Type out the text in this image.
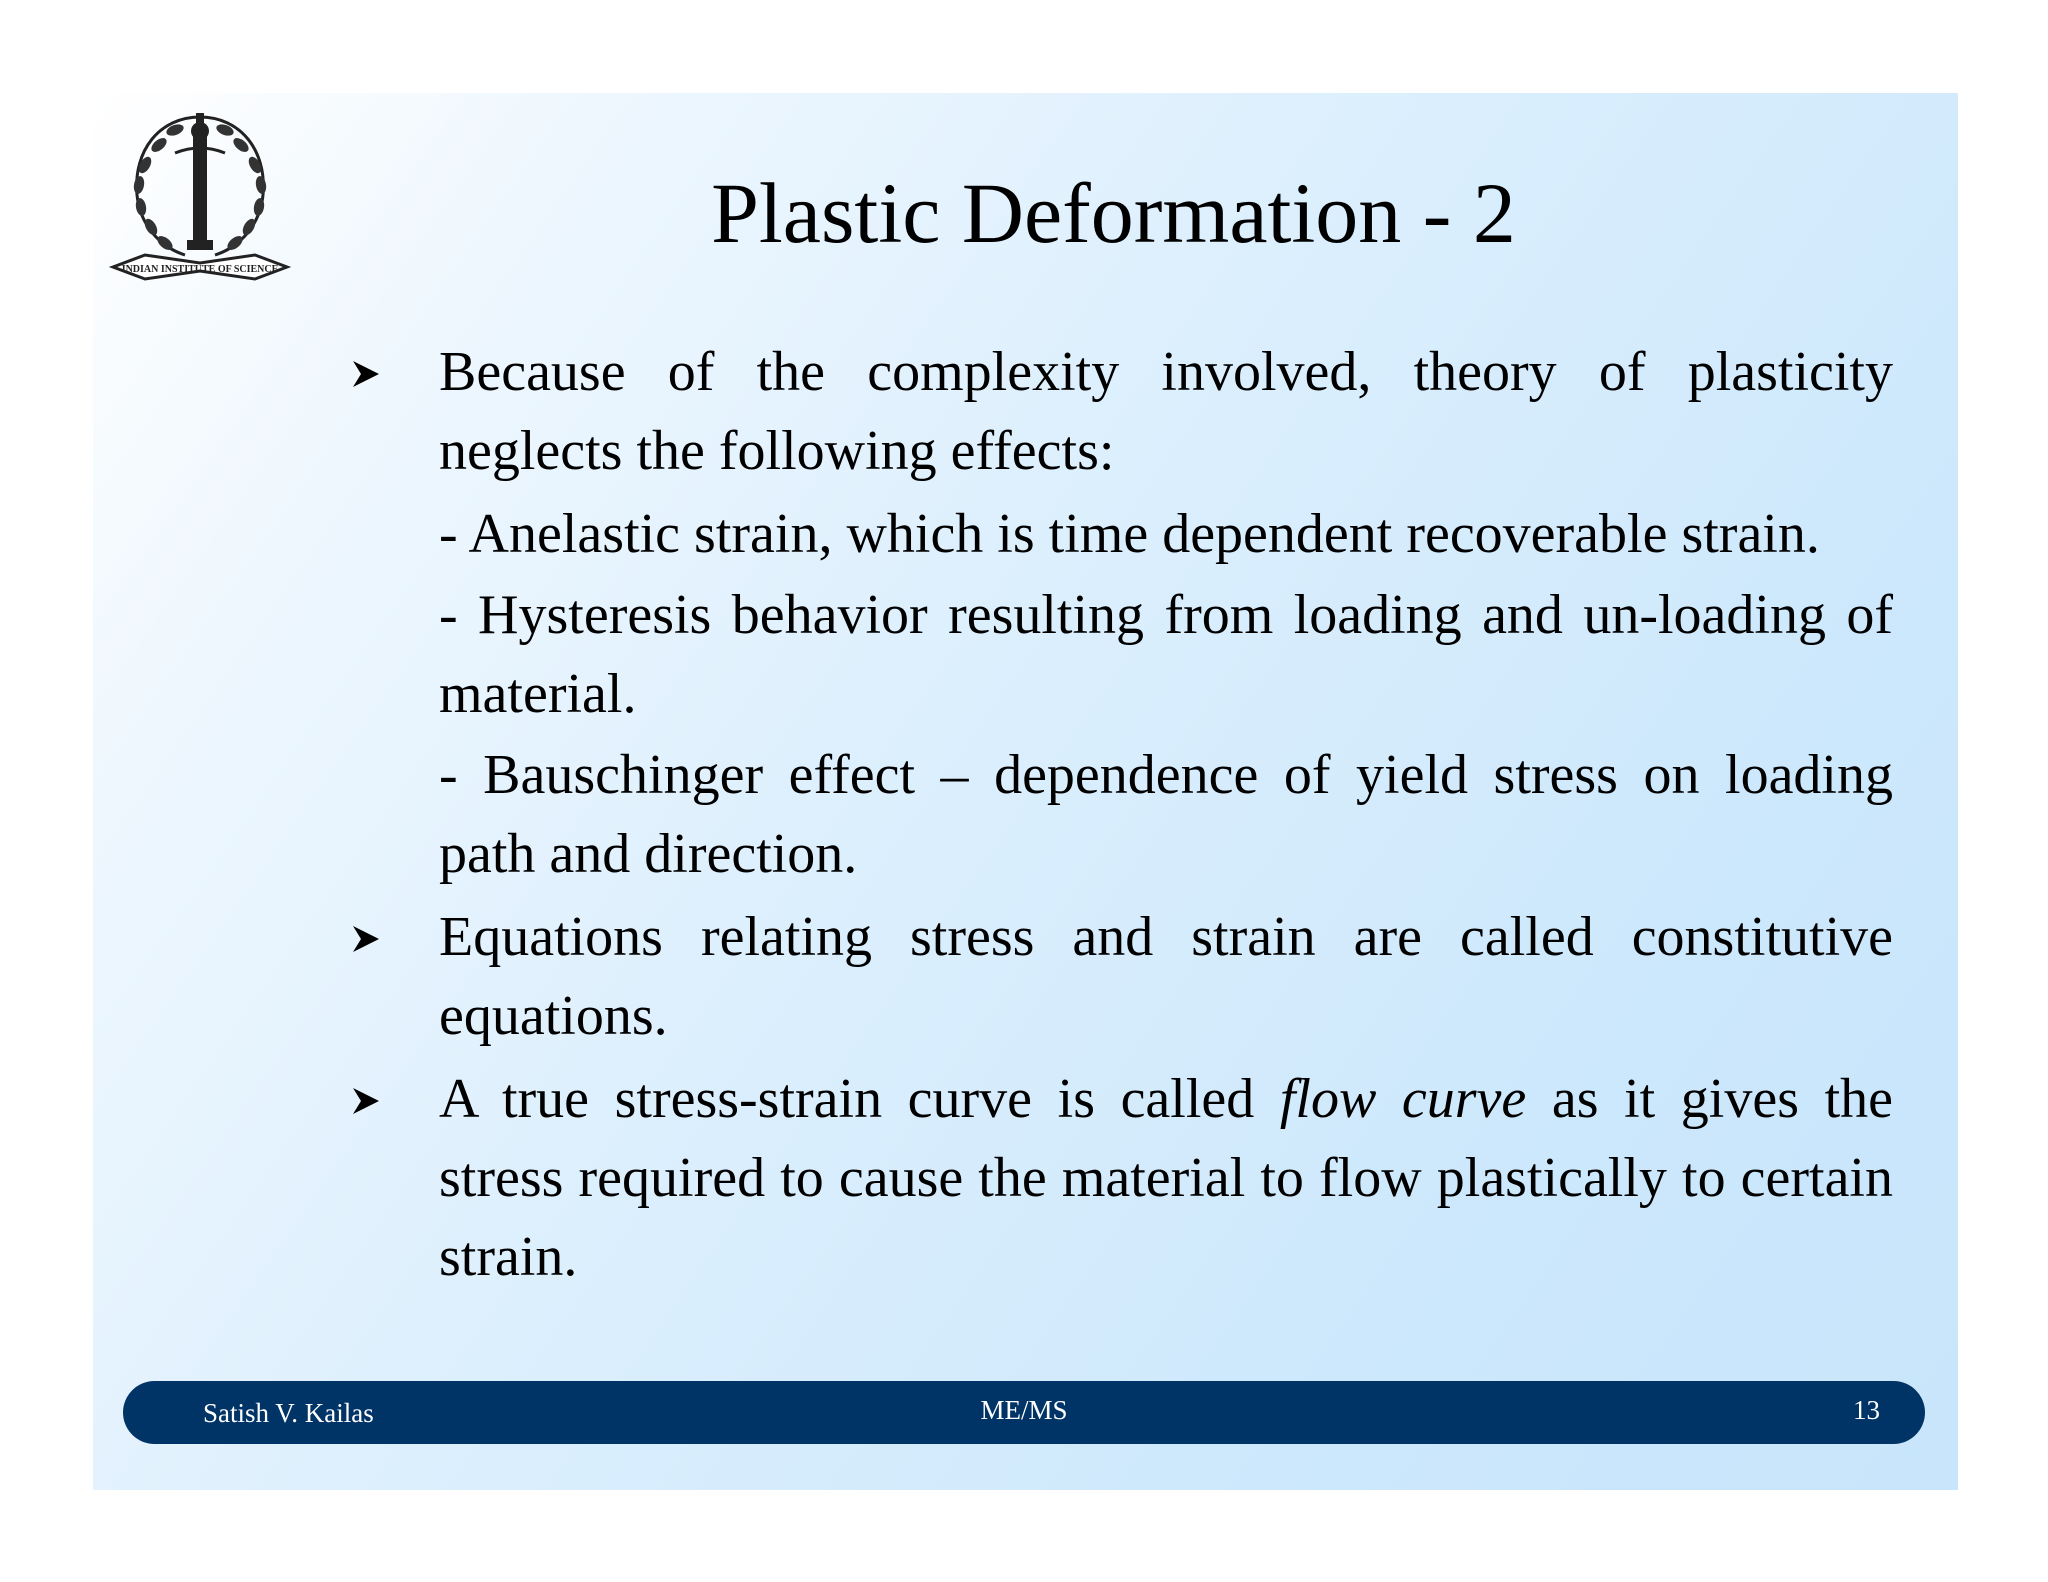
INDIAN INSTITUTE OF SCIENCE
Plastic Deformation - 2
Because of the complexity involved, theory of plasticity neglects the following effects:
- Anelastic strain, which is time dependent recoverable strain.
- Hysteresis behavior resulting from loading and un-loading of material.
- Bauschinger effect – dependence of yield stress on loading path and direction.
Equations relating stress and strain are called constitutive equations.
A true stress-strain curve is called flow curve as it gives the stress required to cause the material to flow plastically to certain strain.
Satish V. Kailas	ME/MS	13
